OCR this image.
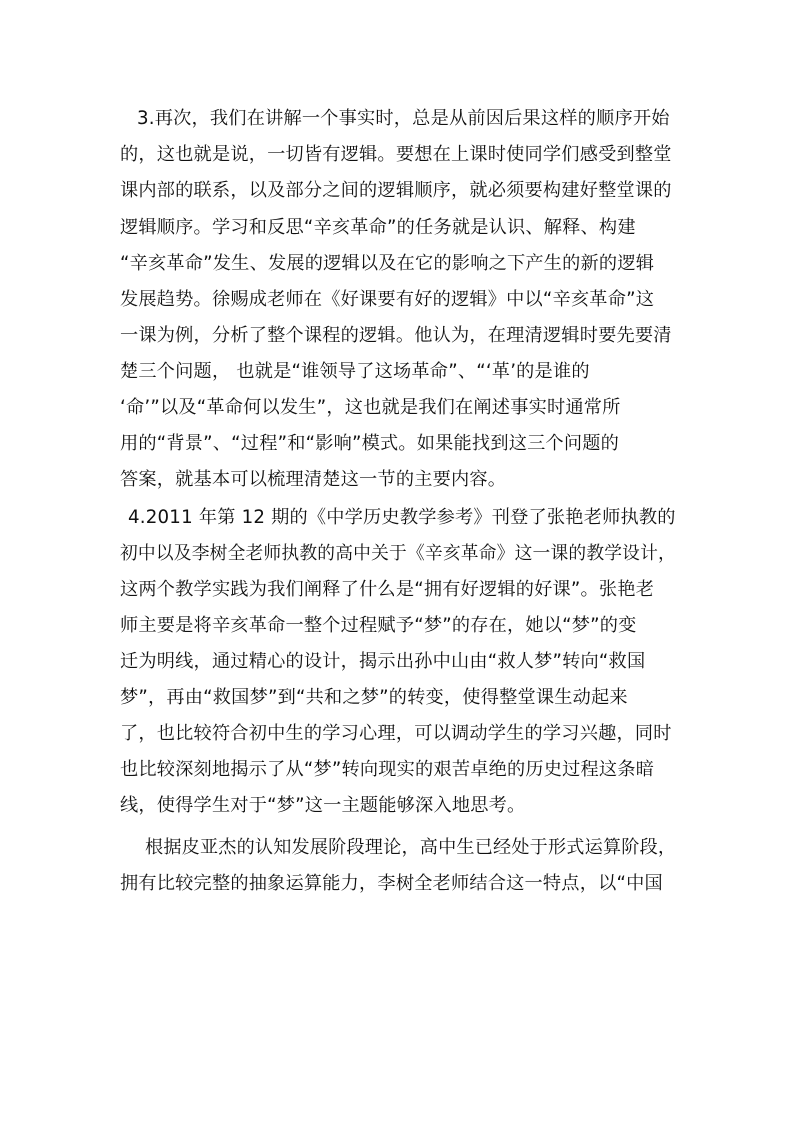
3.再次，我们在讲解一个事实时，总是从前因后果这样的顺序开始
的，这也就是说，一切皆有逻辑。要想在上课时使同学们感受到整堂
课内部的联系，以及部分之间的逻辑顺序，就必须要构建好整堂课的
逻辑顺序。学习和反思“辛亥革命”的任务就是认识、解释、构建
“辛亥革命”发生、发展的逻辑以及在它的影响之下产生的新的逻辑
发展趋势。徐赐成老师在《好课要有好的逻辑》中以“辛亥革命”这
一课为例，分析了整个课程的逻辑。他认为，在理清逻辑时要先要清
楚三个问题， 也就是“谁领导了这场革命”、“‘革’的是谁的
‘命’”以及“革命何以发生”，这也就是我们在阐述事实时通常所
用的“背景”、“过程”和“影响”模式。如果能找到这三个问题的
答案，就基本可以梳理清楚这一节的主要内容。
4.2011 年第 12 期的《中学历史教学参考》刊登了张艳老师执教的
初中以及李树全老师执教的高中关于《辛亥革命》这一课的教学设计，
这两个教学实践为我们阐释了什么是“拥有好逻辑的好课”。张艳老
师主要是将辛亥革命一整个过程赋予“梦”的存在，她以“梦”的变
迁为明线，通过精心的设计，揭示出孙中山由“救人梦”转向“救国
梦”，再由“救国梦”到“共和之梦”的转变，使得整堂课生动起来
了，也比较符合初中生的学习心理，可以调动学生的学习兴趣，同时
也比较深刻地揭示了从“梦”转向现实的艰苦卓绝的历史过程这条暗
线，使得学生对于“梦”这一主题能够深入地思考。
根据皮亚杰的认知发展阶段理论，高中生已经处于形式运算阶段，
拥有比较完整的抽象运算能力，李树全老师结合这一特点，以“中国
